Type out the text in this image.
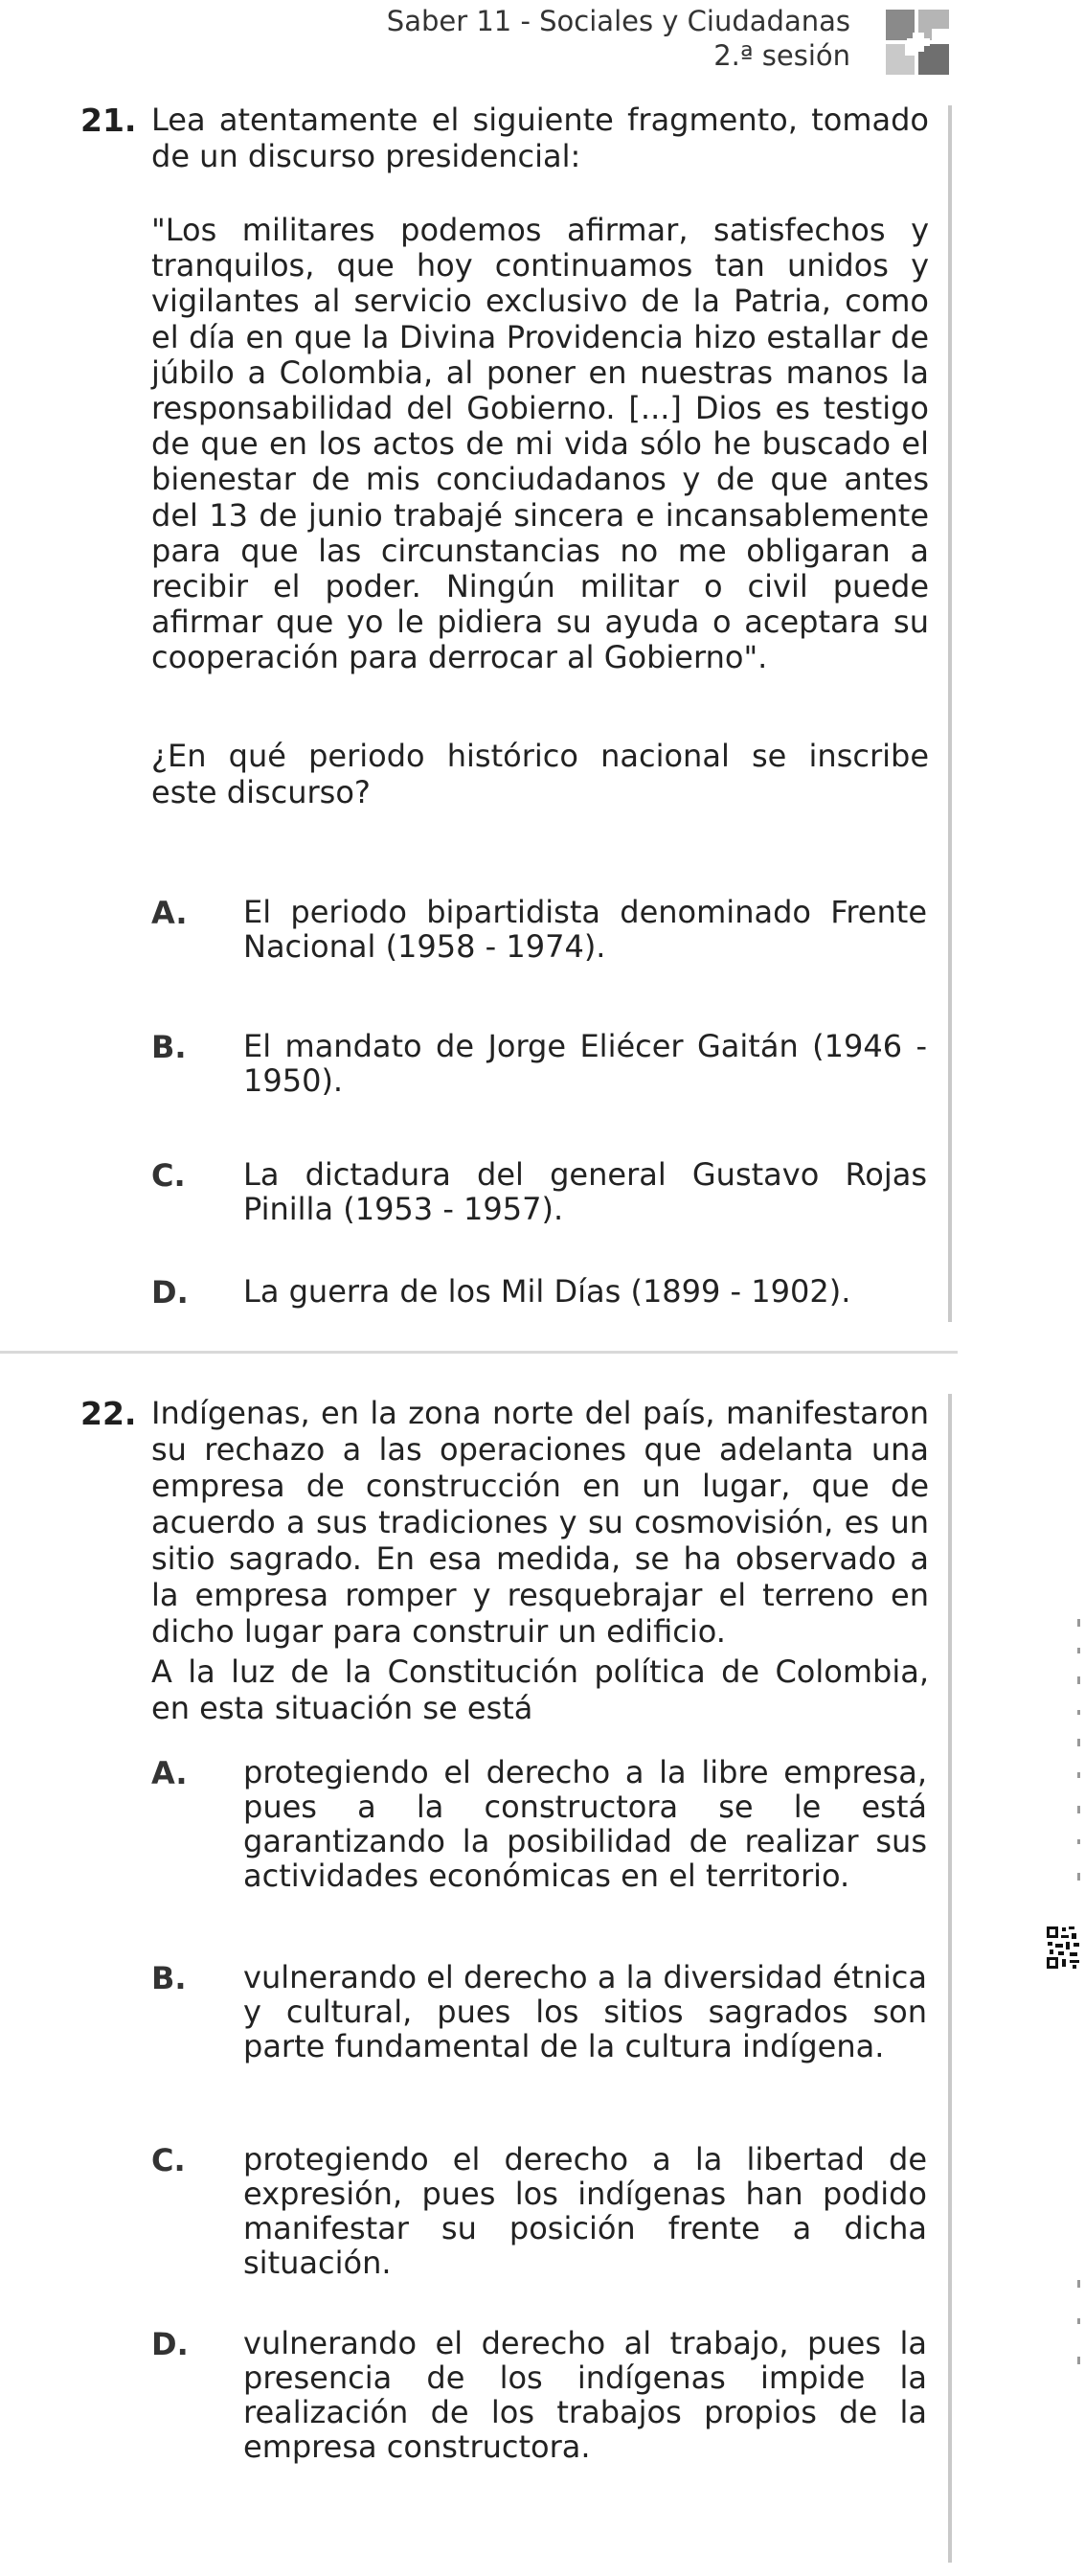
Saber 11 - Sociales y Ciudadanas
2.ª sesión
21. Lea atentamente el siguiente fragmento, tomado de un discurso presidencial:
"Los militares podemos afirmar, satisfechos y tranquilos, que hoy continuamos tan unidos y vigilantes al servicio exclusivo de la Patria, como el día en que la Divina Providencia hizo estallar de júbilo a Colombia, al poner en nuestras manos la responsabilidad del Gobierno. [...] Dios es testigo de que en los actos de mi vida sólo he buscado el bienestar de mis conciudadanos y de que antes del 13 de junio trabajé sincera e incansablemente para que las circunstancias no me obligaran a recibir el poder. Ningún militar o civil puede afirmar que yo le pidiera su ayuda o aceptara su cooperación para derrocar al Gobierno".
¿En qué periodo histórico nacional se inscribe este discurso?
A. El periodo bipartidista denominado Frente Nacional (1958 - 1974).
B. El mandato de Jorge Eliécer Gaitán (1946 - 1950).
C. La dictadura del general Gustavo Rojas Pinilla (1953 - 1957).
D. La guerra de los Mil Días (1899 - 1902).
22. Indígenas, en la zona norte del país, manifestaron su rechazo a las operaciones que adelanta una empresa de construcción en un lugar, que de acuerdo a sus tradiciones y su cosmovisión, es un sitio sagrado. En esa medida, se ha observado a la empresa romper y resquebrajar el terreno en dicho lugar para construir un edificio.
A la luz de la Constitución política de Colombia, en esta situación se está
A. protegiendo el derecho a la libre empresa, pues a la constructora se le está garantizando la posibilidad de realizar sus actividades económicas en el territorio.
B. vulnerando el derecho a la diversidad étnica y cultural, pues los sitios sagrados son parte fundamental de la cultura indígena.
C. protegiendo el derecho a la libertad de expresión, pues los indígenas han podido manifestar su posición frente a dicha situación.
D. vulnerando el derecho al trabajo, pues la presencia de los indígenas impide la realización de los trabajos propios de la empresa constructora.
